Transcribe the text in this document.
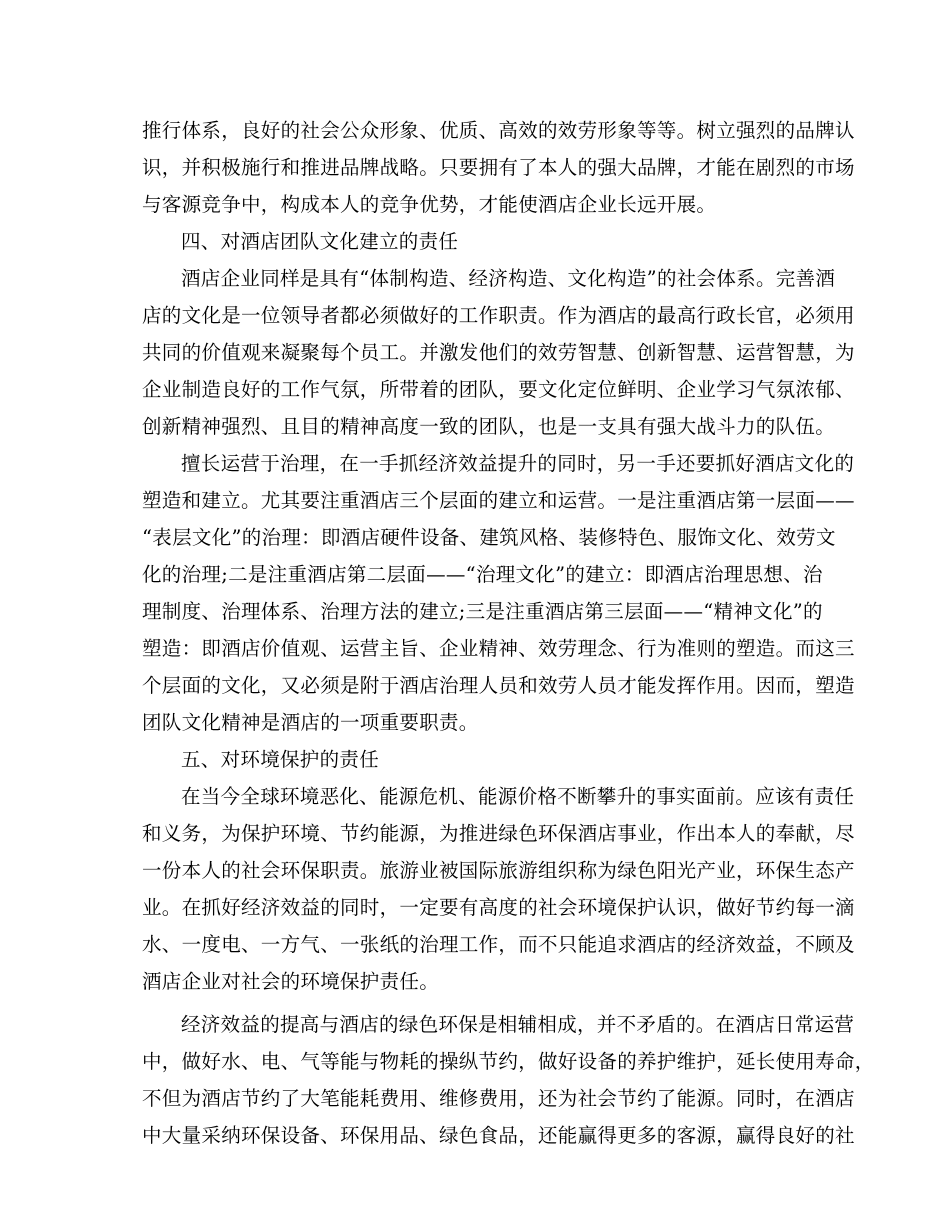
推行体系，良好的社会公众形象、优质、高效的效劳形象等等。树立强烈的品牌认
识，并积极施行和推进品牌战略。只要拥有了本人的强大品牌，才能在剧烈的市场
与客源竞争中，构成本人的竞争优势，才能使酒店企业长远开展。
四、对酒店团队文化建立的责任
酒店企业同样是具有“体制构造、经济构造、文化构造”的社会体系。完善酒
店的文化是一位领导者都必须做好的工作职责。作为酒店的最高行政长官，必须用
共同的价值观来凝聚每个员工。并激发他们的效劳智慧、创新智慧、运营智慧，为
企业制造良好的工作气氛，所带着的团队，要文化定位鲜明、企业学习气氛浓郁、
创新精神强烈、且目的精神高度一致的团队，也是一支具有强大战斗力的队伍。
擅长运营于治理，在一手抓经济效益提升的同时，另一手还要抓好酒店文化的
塑造和建立。尤其要注重酒店三个层面的建立和运营。一是注重酒店第一层面——
“表层文化”的治理：即酒店硬件设备、建筑风格、装修特色、服饰文化、效劳文
化的治理;二是注重酒店第二层面——“治理文化”的建立：即酒店治理思想、治
理制度、治理体系、治理方法的建立;三是注重酒店第三层面——“精神文化”的
塑造：即酒店价值观、运营主旨、企业精神、效劳理念、行为准则的塑造。而这三
个层面的文化，又必须是附于酒店治理人员和效劳人员才能发挥作用。因而，塑造
团队文化精神是酒店的一项重要职责。
五、对环境保护的责任
在当今全球环境恶化、能源危机、能源价格不断攀升的事实面前。应该有责任
和义务，为保护环境、节约能源，为推进绿色环保酒店事业，作出本人的奉献，尽
一份本人的社会环保职责。旅游业被国际旅游组织称为绿色阳光产业，环保生态产
业。在抓好经济效益的同时，一定要有高度的社会环境保护认识，做好节约每一滴
水、一度电、一方气、一张纸的治理工作，而不只能追求酒店的经济效益，不顾及
酒店企业对社会的环境保护责任。
经济效益的提高与酒店的绿色环保是相辅相成，并不矛盾的。在酒店日常运营
中，做好水、电、气等能与物耗的操纵节约，做好设备的养护维护，延长使用寿命，
不但为酒店节约了大笔能耗费用、维修费用，还为社会节约了能源。同时，在酒店
中大量采纳环保设备、环保用品、绿色食品，还能赢得更多的客源，赢得良好的社
